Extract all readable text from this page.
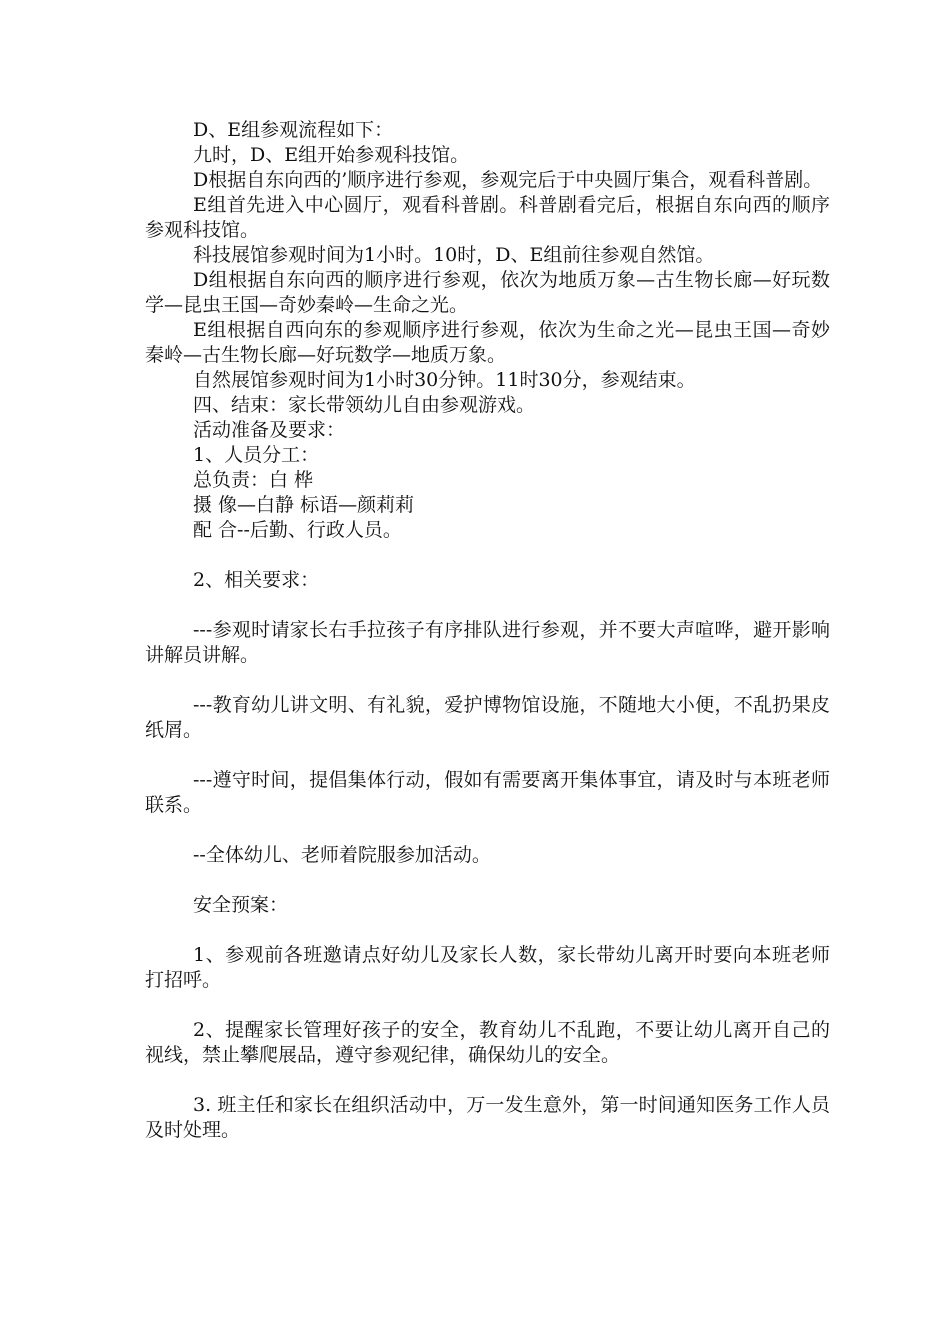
D、E组参观流程如下：

九时，D、E组开始参观科技馆。

D根据自东向西的’顺序进行参观，参观完后于中央圆厅集合，观看科普剧。

E组首先进入中心圆厅，观看科普剧。科普剧看完后，根据自东向西的顺序参观科技馆。

科技展馆参观时间为1小时。10时，D、E组前往参观自然馆。

D组根据自东向西的顺序进行参观，依次为地质万象—古生物长廊—好玩数学—昆虫王国—奇妙秦岭—生命之光。

E组根据自西向东的参观顺序进行参观，依次为生命之光—昆虫王国—奇妙秦岭—古生物长廊—好玩数学—地质万象。

自然展馆参观时间为1小时30分钟。11时30分，参观结束。

四、结束：家长带领幼儿自由参观游戏。

活动准备及要求：

1、人员分工：

总负责：白 桦

摄 像—白静 标语—颜莉莉

配 合--后勤、行政人员。

2、相关要求：

---参观时请家长右手拉孩子有序排队进行参观，并不要大声喧哗，避开影响讲解员讲解。

---教育幼儿讲文明、有礼貌，爱护博物馆设施，不随地大小便，不乱扔果皮纸屑。

---遵守时间，提倡集体行动，假如有需要离开集体事宜，请及时与本班老师联系。

--全体幼儿、老师着院服参加活动。

安全预案：

1、参观前各班邀请点好幼儿及家长人数，家长带幼儿离开时要向本班老师打招呼。

2、提醒家长管理好孩子的安全，教育幼儿不乱跑，不要让幼儿离开自己的视线，禁止攀爬展品，遵守参观纪律，确保幼儿的安全。

3. 班主任和家长在组织活动中，万一发生意外，第一时间通知医务工作人员及时处理。
